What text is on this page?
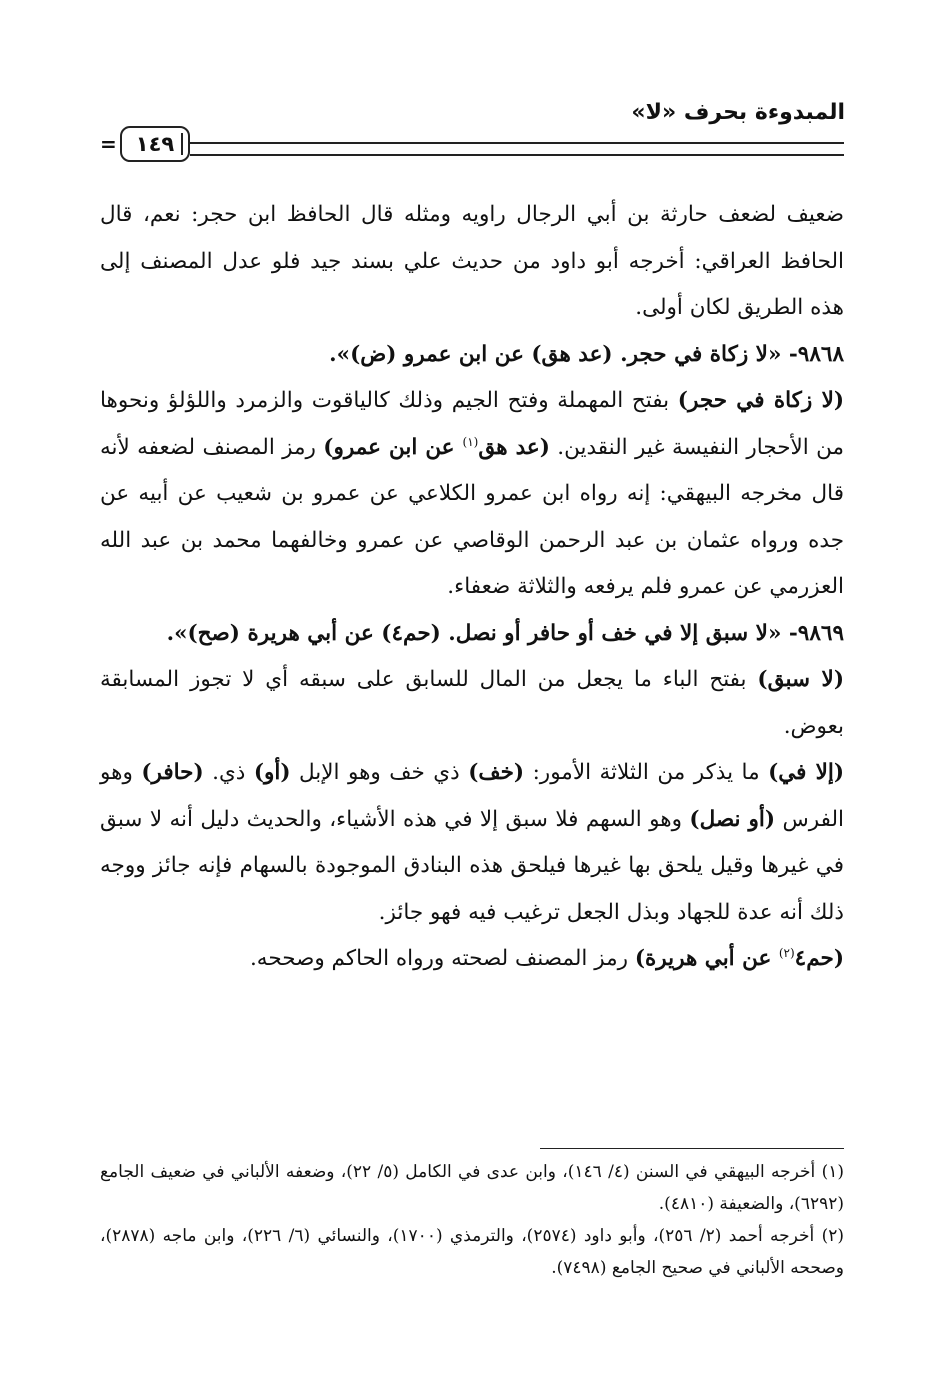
المبدوءة بحرف «لا»
١٤٩
=

ضعيف لضعف حارثة بن أبي الرجال راويه ومثله قال الحافظ ابن حجر: نعم، قال الحافظ العراقي: أخرجه أبو داود من حديث علي بسند جيد فلو عدل المصنف إلى هذه الطريق لكان أولى.

٩٨٦٨- «لا زكاة في حجر. (عد هق) عن ابن عمرو (ض)».

(لا زكاة في حجر) بفتح المهملة وفتح الجيم وذلك كالياقوت والزمرد واللؤلؤ ونحوها من الأحجار النفيسة غير النقدين. (عد هق$^{(١)}$ عن ابن عمرو) رمز المصنف لضعفه لأنه قال مخرجه البيهقي: إنه رواه ابن عمرو الكلاعي عن عمرو بن شعيب عن أبيه عن جده ورواه عثمان بن عبد الرحمن الوقاصي عن عمرو وخالفهما محمد بن عبد الله العزرمي عن عمرو فلم يرفعه والثلاثة ضعفاء.

٩٨٦٩- «لا سبق إلا في خف أو حافر أو نصل. (حم٤) عن أبي هريرة (صح)».

(لا سبق) بفتح الباء ما يجعل من المال للسابق على سبقه أي لا تجوز المسابقة بعوض.

(إلا في) ما يذكر من الثلاثة الأمور: (خف) ذي خف وهو الإبل (أو) ذي. (حافر) وهو الفرس (أو نصل) وهو السهم فلا سبق إلا في هذه الأشياء، والحديث دليل أنه لا سبق في غيرها وقيل يلحق بها غيرها فيلحق هذه البنادق الموجودة بالسهام فإنه جائز ووجه ذلك أنه عدة للجهاد وبذل الجعل ترغيب فيه فهو جائز.

(حم٤$^{(٢)}$ عن أبي هريرة) رمز المصنف لصحته ورواه الحاكم وصححه.

(١) أخرجه البيهقي في السنن (٤/ ١٤٦)، وابن عدى في الكامل (٥/ ٢٢)، وضعفه الألباني في ضعيف الجامع (٦٢٩٢)، والضعيفة (٤٨١٠).

(٢) أخرجه أحمد (٢/ ٢٥٦)، وأبو داود (٢٥٧٤)، والترمذي (١٧٠٠)، والنسائي (٦/ ٢٢٦)، وابن ماجه (٢٨٧٨)، وصححه الألباني في صحيح الجامع (٧٤٩٨).
